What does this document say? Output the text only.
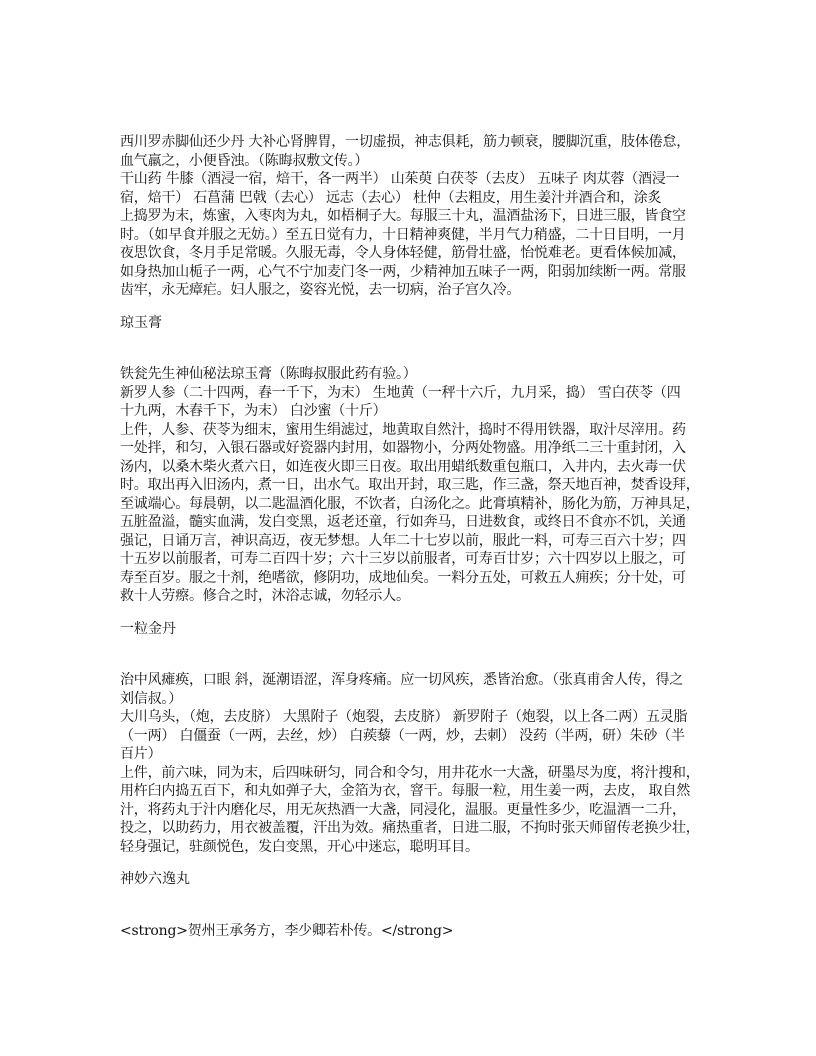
西川罗赤脚仙还少丹 大补心肾脾胃，一切虚损，神志俱耗，筋力顿衰，腰脚沉重，肢体倦怠，
血气羸之，小便昏浊。（陈晦叔敷文传。）
干山药 牛膝（酒浸一宿，焙干，各一两半） 山茱萸 白茯苓（去皮） 五味子 肉苁蓉（酒浸一
宿，焙干） 石菖蒲 巴戟（去心） 远志（去心） 杜仲（去粗皮，用生姜汁并酒合和，涂炙
上捣罗为末，炼蜜，入枣肉为丸，如梧桐子大。每服三十丸，温酒盐汤下，日进三服，皆食空
时。（如早食并服之无妨。）至五日觉有力，十日精神爽健，半月气力稍盛，二十日目明，一月
夜思饮食，冬月手足常暖。久服无毒，令人身体轻健，筋骨壮盛，怡悦难老。更看体候加减，
如身热加山栀子一两，心气不宁加麦门冬一两，少精神加五味子一两，阳弱加续断一两。常服
齿牢，永无瘴疟。妇人服之，姿容光悦，去一切病，治子宫久冷。
琼玉膏
铁瓮先生神仙秘法琼玉膏（陈晦叔服此药有验。）
新罗人参（二十四两，舂一千下，为末） 生地黄（一秤十六斤，九月采，捣） 雪白茯苓（四
十九两，木舂千下，为末） 白沙蜜（十斤）
上件，人参、茯苓为细末，蜜用生绢滤过，地黄取自然汁，捣时不得用铁器，取汁尽滓用。药
一处拌，和匀，入银石器或好瓷器内封用，如器物小，分两处物盛。用净纸二三十重封闭，入
汤内，以桑木柴火煮六日，如连夜火即三日夜。取出用蜡纸数重包瓶口，入井内，去火毒一伏
时。取出再入旧汤内，煮一日，出水气。取出开封，取三匙，作三盏，祭天地百神，焚香设拜，
至诚端心。每晨朝，以二匙温酒化服，不饮者，白汤化之。此膏填精补，肠化为筋，万神具足，
五脏盈溢，髓实血满，发白变黑，返老还童，行如奔马，日进数食，或终日不食亦不饥，关通
强记，日诵万言，神识高迈，夜无梦想。人年二十七岁以前，服此一料，可寿三百六十岁；四
十五岁以前服者，可寿二百四十岁；六十三岁以前服者，可寿百廿岁；六十四岁以上服之，可
寿至百岁。服之十剂，绝嗜欲，修阴功，成地仙矣。一料分五处，可救五人痈疾；分十处，可
救十人劳瘵。修合之时，沐浴志诚，勿轻示人。
一粒金丹
治中风瘫痪，口眼 斜，涎潮语涩，浑身疼痛。应一切风疾，悉皆治愈。（张真甫舍人传，得之
刘信叔。）
大川乌头，（炮，去皮脐） 大黑附子（炮裂，去皮脐） 新罗附子（炮裂，以上各二两）五灵脂
（一两） 白僵蚕（一两，去丝，炒） 白蒺藜（一两，炒，去刺） 没药（半两，研）朱砂（半
百片）
上件，前六味，同为末，后四味研匀，同合和令匀，用井花水一大盏，研墨尽为度，将汁搜和，
用杵臼内捣五百下，和丸如弹子大，金箔为衣，窨干。每服一粒，用生姜一两，去皮， 取自然
汁，将药丸于汁内磨化尽，用无灰热酒一大盏，同浸化，温服。更量性多少，吃温酒一二升，
投之，以助药力，用衣被盖覆，汗出为效。痛热重者，日进二服，不拘时张天师留传老换少壮，
轻身强记，驻颜悦色，发白变黑，开心中迷忘，聪明耳目。
神妙六逸丸
<strong>贺州王承务方，李少卿若朴传。</strong>
